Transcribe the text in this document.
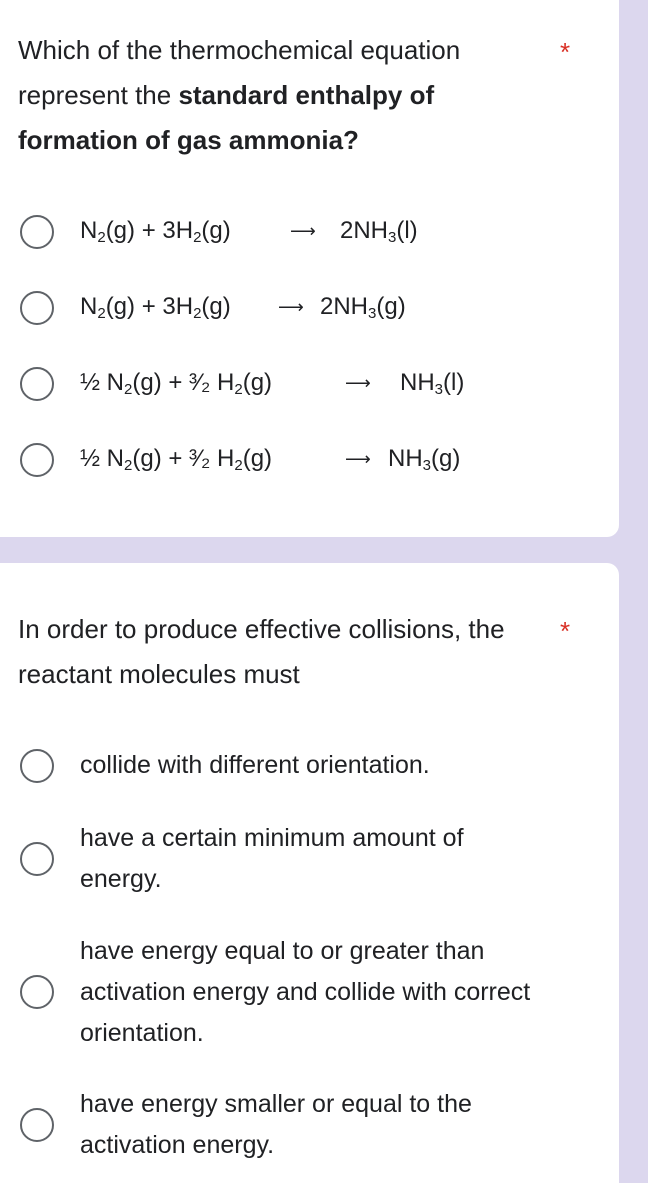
Which of the thermochemical equation represent the standard enthalpy of formation of gas ammonia?

*
$N_2(g) + 3H_2(g)$	⟶ $2NH_3(l)$
$N_2(g) + 3H_2(g)$	⟶ $2NH_3(g)$
½ $N_2(g)$ + ³⁄₂ $H_2(g)$	⟶ $NH_3(l)$
½ $N_2(g)$ + ³⁄₂ $H_2(g)$	⟶ $NH_3(g)$

In order to produce effective collisions, the reactant molecules must

*
collide with different orientation.
have a certain minimum amount of energy.
have energy equal to or greater than activation energy and collide with correct orientation.
have energy smaller or equal to the activation energy.
